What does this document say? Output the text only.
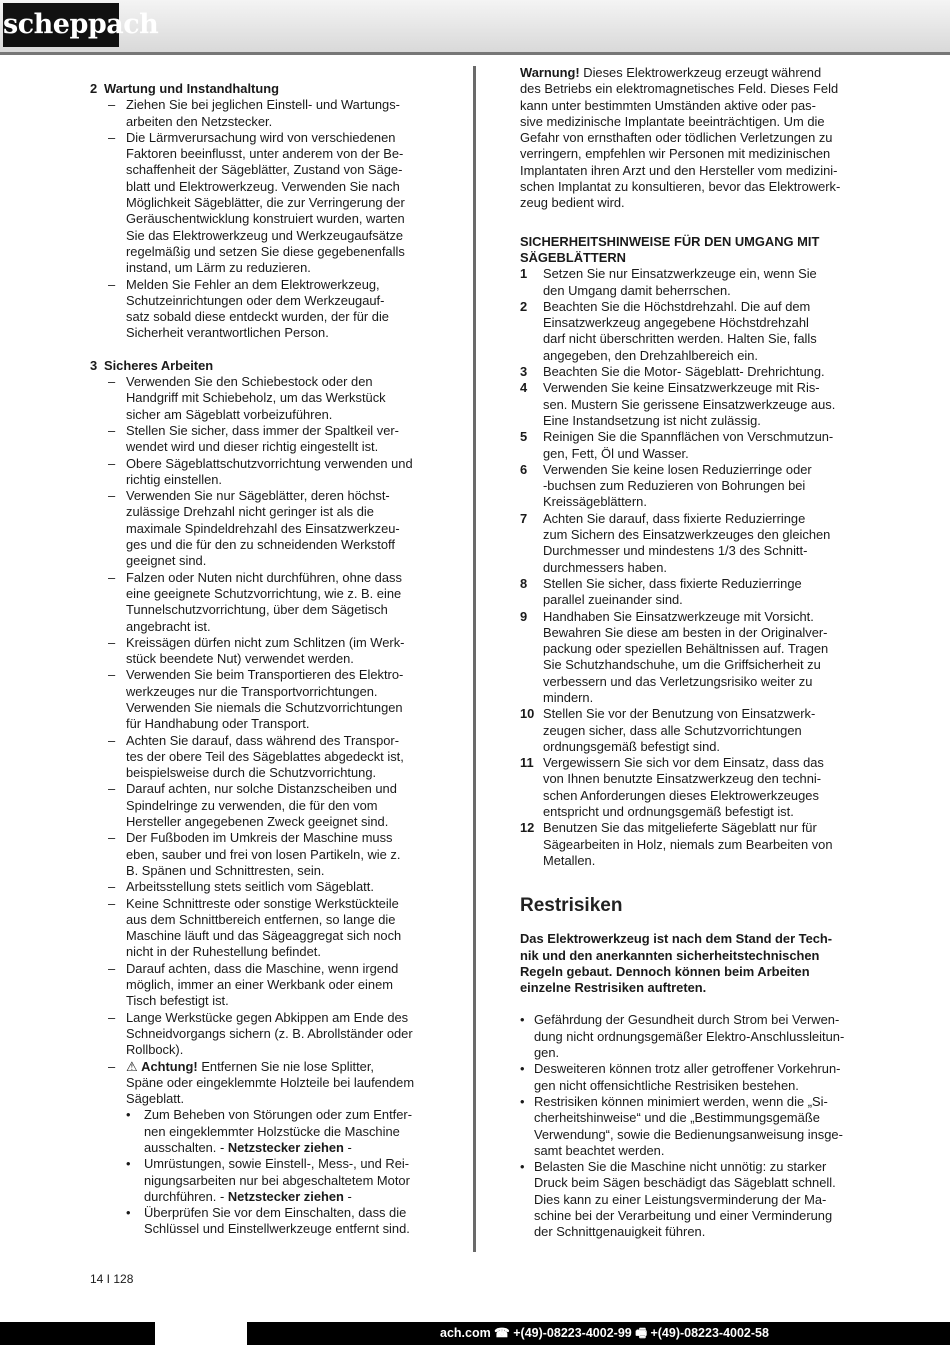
scheppach
2 Wartung und Instandhaltung
– Ziehen Sie bei jeglichen Einstell- und Wartungs-
arbeiten den Netzstecker.
– Die Lärmverursachung wird von verschiedenen
Faktoren beeinflusst, unter anderem von der Be-
schaffenheit der Sägeblätter, Zustand von Säge-
blatt und Elektrowerkzeug. Verwenden Sie nach
Möglichkeit Sägeblätter, die zur Verringerung der
Geräuschentwicklung konstruiert wurden, warten
Sie das Elektrowerkzeug und Werkzeugaufsätze
regelmäßig und setzen Sie diese gegebenenfalls
instand, um Lärm zu reduzieren.
– Melden Sie Fehler an dem Elektrowerkzeug,
Schutzeinrichtungen oder dem Werkzeugauf-
satz sobald diese entdeckt wurden, der für die
Sicherheit verantwortlichen Person.
3 Sicheres Arbeiten
– Verwenden Sie den Schiebestock oder den
Handgriff mit Schiebeholz, um das Werkstück
sicher am Sägeblatt vorbeizuführen.
– Stellen Sie sicher, dass immer der Spaltkeil ver-
wendet wird und dieser richtig eingestellt ist.
– Obere Sägeblattschutzvorrichtung verwenden und
richtig einstellen.
– Verwenden Sie nur Sägeblätter, deren höchst-
zulässige Drehzahl nicht geringer ist als die
maximale Spindeldrehzahl des Einsatzwerkzeu-
ges und die für den zu schneidenden Werkstoff
geeignet sind.
– Falzen oder Nuten nicht durchführen, ohne dass
eine geeignete Schutzvorrichtung, wie z. B. eine
Tunnelschutzvorrichtung, über dem Sägetisch
angebracht ist.
– Kreissägen dürfen nicht zum Schlitzen (im Werk-
stück beendete Nut) verwendet werden.
– Verwenden Sie beim Transportieren des Elektro-
werkzeuges nur die Transportvorrichtungen.
Verwenden Sie niemals die Schutzvorrichtungen
für Handhabung oder Transport.
– Achten Sie darauf, dass während des Transpor-
tes der obere Teil des Sägeblattes abgedeckt ist,
beispielsweise durch die Schutzvorrichtung.
– Darauf achten, nur solche Distanzscheiben und
Spindelringe zu verwenden, die für den vom
Hersteller angegebenen Zweck geeignet sind.
– Der Fußboden im Umkreis der Maschine muss
eben, sauber und frei von losen Partikeln, wie z.
B. Spänen und Schnittresten, sein.
– Arbeitsstellung stets seitlich vom Sägeblatt.
– Keine Schnittreste oder sonstige Werkstückteile
aus dem Schnittbereich entfernen, so lange die
Maschine läuft und das Sägeaggregat sich noch
nicht in der Ruhestellung befindet.
– Darauf achten, dass die Maschine, wenn irgend
möglich, immer an einer Werkbank oder einem
Tisch befestigt ist.
– Lange Werkstücke gegen Abkippen am Ende des
Schneidvorgangs sichern (z. B. Abrollständer oder
Rollbock).
– ⚠ Achtung! Entfernen Sie nie lose Splitter,
Späne oder eingeklemmte Holzteile bei laufendem
Sägeblatt.
•	Zum Beheben von Störungen oder zum Entfer-
nen eingeklemmter Holzstücke die Maschine
ausschalten. - Netzstecker ziehen -
•	Umrüstungen, sowie Einstell-, Mess-, und Rei-
nigungsarbeiten nur bei abgeschaltetem Motor
durchführen. - Netzstecker ziehen -
•	Überprüfen Sie vor dem Einschalten, dass die
Schlüssel und Einstellwerkzeuge entfernt sind.
Warnung! Dieses Elektrowerkzeug erzeugt während
des Betriebs ein elektromagnetisches Feld. Dieses Feld
kann unter bestimmten Umständen aktive oder pas-
sive medizinische Implantate beeinträchtigen. Um die
Gefahr von ernsthaften oder tödlichen Verletzungen zu
verringern, empfehlen wir Personen mit medizinischen
Implantaten ihren Arzt und den Hersteller vom medizini-
schen Implantat zu konsultieren, bevor das Elektrowerk-
zeug bedient wird.
SICHERHEITSHINWEISE FÜR DEN UMGANG MIT
SÄGEBLÄTTERN
1	Setzen Sie nur Einsatzwerkzeuge ein, wenn Sie
den Umgang damit beherrschen.
2	Beachten Sie die Höchstdrehzahl. Die auf dem
Einsatzwerkzeug angegebene Höchstdrehzahl
darf nicht überschritten werden. Halten Sie, falls
angegeben, den Drehzahlbereich ein.
3	Beachten Sie die Motor- Sägeblatt- Drehrichtung.
4	Verwenden Sie keine Einsatzwerkzeuge mit Ris-
sen. Mustern Sie gerissene Einsatzwerkzeuge aus.
Eine Instandsetzung ist nicht zulässig.
5	Reinigen Sie die Spannflächen von Verschmutzun-
gen, Fett, Öl und Wasser.
6	Verwenden Sie keine losen Reduzierringe oder
-buchsen zum Reduzieren von Bohrungen bei
Kreissägeblättern.
7	Achten Sie darauf, dass fixierte Reduzierringe
zum Sichern des Einsatzwerkzeuges den gleichen
Durchmesser und mindestens 1/3 des Schnitt-
durchmessers haben.
8	Stellen Sie sicher, dass fixierte Reduzierringe
parallel zueinander sind.
9	Handhaben Sie Einsatzwerkzeuge mit Vorsicht.
Bewahren Sie diese am besten in der Originalver-
packung oder speziellen Behältnissen auf. Tragen
Sie Schutzhandschuhe, um die Griffsicherheit zu
verbessern und das Verletzungsrisiko weiter zu
mindern.
10 Stellen Sie vor der Benutzung von Einsatzwerk-
zeugen sicher, dass alle Schutzvorrichtungen
ordnungsgemäß befestigt sind.
11 Vergewissern Sie sich vor dem Einsatz, dass das
von Ihnen benutzte Einsatzwerkzeug den techni-
schen Anforderungen dieses Elektrowerkzeuges
entspricht und ordnungsgemäß befestigt ist.
12 Benutzen Sie das mitgelieferte Sägeblatt nur für
Sägearbeiten in Holz, niemals zum Bearbeiten von
Metallen.
Restrisiken
Das Elektrowerkzeug ist nach dem Stand der Tech-
nik und den anerkannten sicherheitstechnischen
Regeln gebaut. Dennoch können beim Arbeiten
einzelne Restrisiken auftreten.
• Gefährdung der Gesundheit durch Strom bei Verwen-
dung nicht ordnungsgemäßer Elektro-Anschlussleitun-
gen.
• Desweiteren können trotz aller getroffener Vorkehrun-
gen nicht offensichtliche Restrisiken bestehen.
• Restrisiken können minimiert werden, wenn die „Si-
cherheitshinweise“ und die „Bestimmungsgemäße
Verwendung“, sowie die Bedienungsanweisung insge-
samt beachtet werden.
• Belasten Sie die Maschine nicht unnötig: zu starker
Druck beim Sägen beschädigt das Sägeblatt schnell.
Dies kann zu einer Leistungsverminderung der Ma-
schine bei der Verarbeitung und einer Verminderung
der Schnittgenauigkeit führen.
14 I 128
ach.com ☎ +(49)-08223-4002-99 🖷 +(49)-08223-4002-58
